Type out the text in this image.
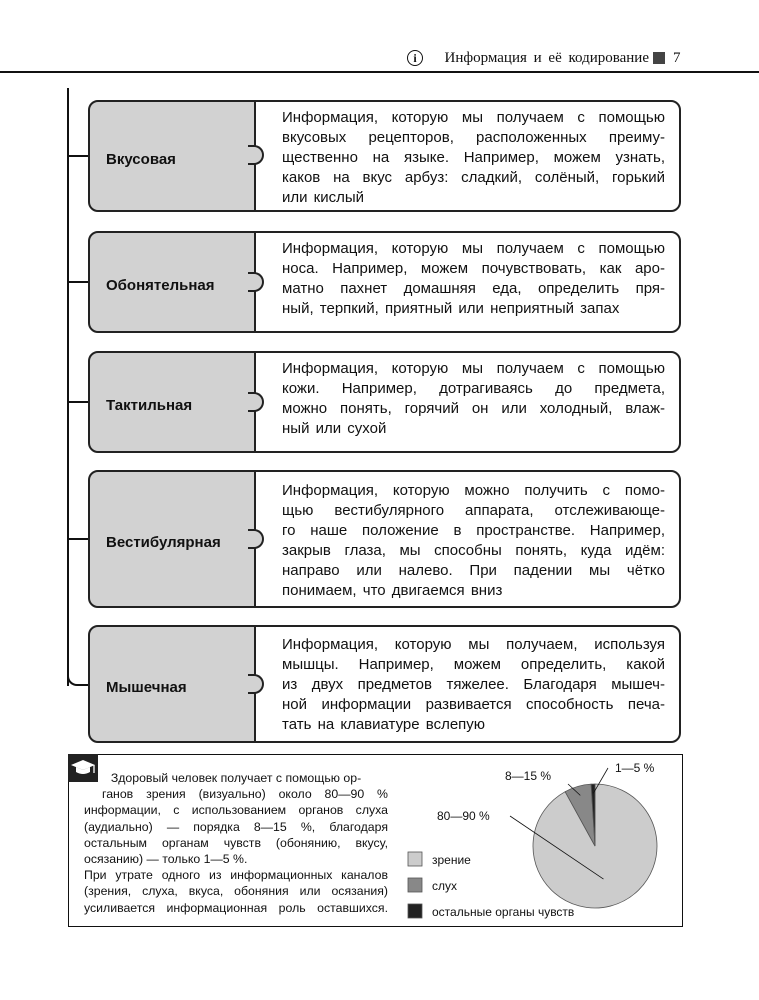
i	Информация и её кодирование 7
Вкусовая
Информация, которую мы получаем с помощью
вкусовых рецепторов, расположенных преиму-
щественно на языке. Например, можем узнать,
каков на вкус арбуз: сладкий, солёный, горький
или кислый
Обонятельная
Информация, которую мы получаем с помощью
носа. Например, можем почувствовать, как аро-
матно пахнет домашняя еда, определить пря-
ный, терпкий, приятный или неприятный запах
Тактильная
Информация, которую мы получаем с помощью
кожи. Например, дотрагиваясь до предмета,
можно понять, горячий он или холодный, влаж-
ный или сухой
Вестибулярная
Информация, которую можно получить с помо-
щью вестибулярного аппарата, отслеживающе-
го наше положение в пространстве. Например,
закрыв глаза, мы способны понять, куда идём:
направо или налево. При падении мы чётко
понимаем, что двигаемся вниз
Мышечная
Информация, которую мы получаем, используя
мышцы. Например, можем определить, какой
из двух предметов тяжелее. Благодаря мышеч-
ной информации развивается способность печа-
тать на клавиатуре вслепую
Здоровый человек получает с помощью ор-
ганов зрения (визуально) около 80—90 %
информации, с использованием органов слуха
(аудиально) — порядка 8—15 %, благодаря
остальным органам чувств (обонянию, вкусу,
осязанию) — только 1—5 %.
При утрате одного из информационных каналов
(зрения, слуха, вкуса, обоняния или осязания)
усиливается информационная роль оставшихся.
80—90 %
8—15 %
1—5 %
зрение
слух
остальные органы чувств
